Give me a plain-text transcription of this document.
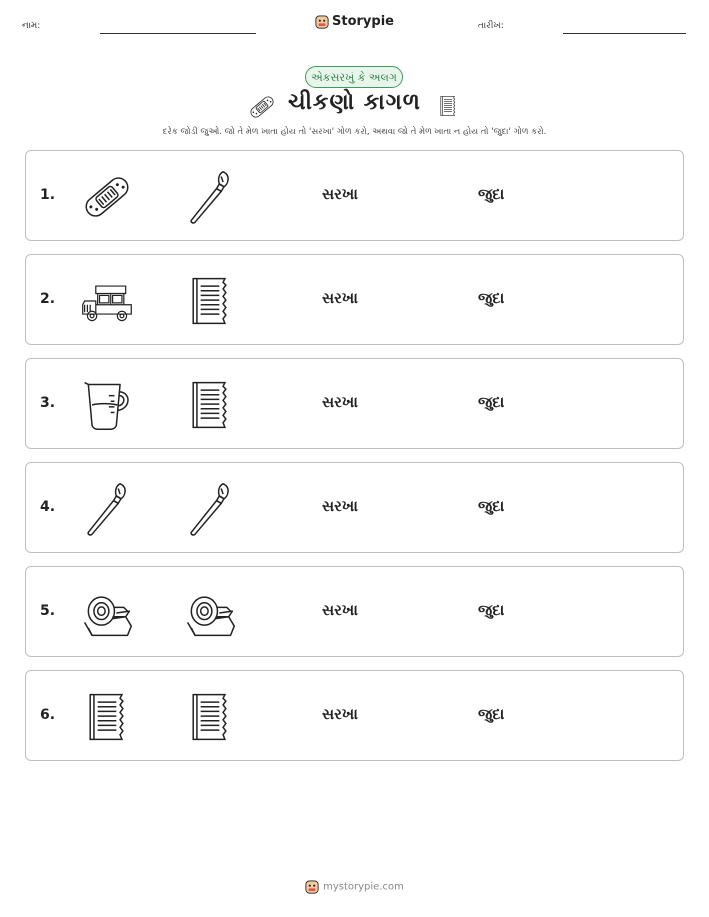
નામ:	Storypie	તારીખ:
એકસરખું કે અલગ
ચીકણો કાગળ
દરેક જોડી જુઓ. જો તે મેળ ખાતા હોય તો 'સરખા' ગોળ કરો, અથવા જો તે મેળ ખાતા ન હોય તો 'જુદા' ગોળ કરો.
1.	સરખા	જુદા
2.	સરખા	જુદા
3.	સરખા	જુદા
4.	સરખા	જુદા
5.	સરખા	જુદા
6.	સરખા	જુદા
mystorypie.com
